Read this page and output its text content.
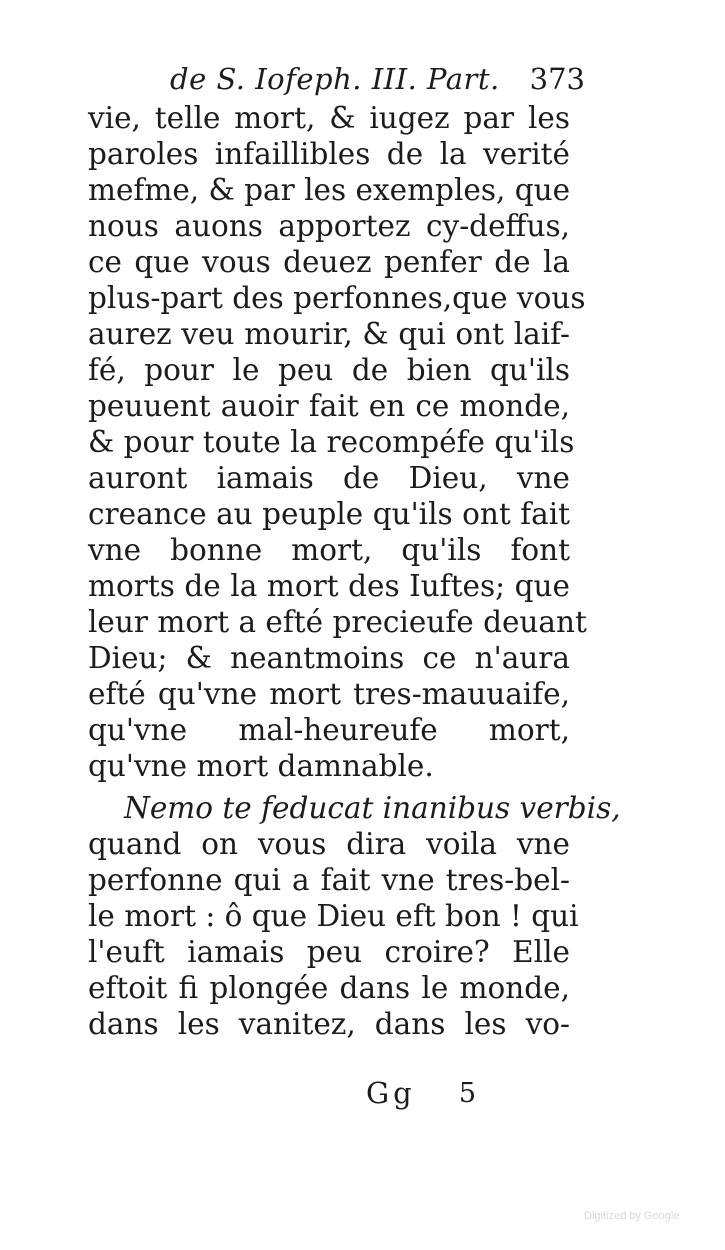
de S. Iofeph. III. Part. 373
vie, telle mort, & iugez par les
paroles infaillibles de la verité
mefme, & par les exemples, que
nous auons apportez cy-deffus,
ce que vous deuez penfer de la
plus-part des perfonnes,que vous
aurez veu mourir, & qui ont laif-
fé, pour le peu de bien qu'ils
peuuent auoir fait en ce monde,
& pour toute la recompéfe qu'ils
auront iamais de Dieu, vne
creance au peuple qu'ils ont fait
vne bonne mort, qu'ils font
morts de la mort des Iuftes; que
leur mort a efté precieufe deuant
Dieu; & neantmoins ce n'aura
efté qu'vne mort tres-mauuaife,
qu'vne mal-heureufe mort,
qu'vne mort damnable.
Nemo te feducat inanibus verbis,
quand on vous dira voila vne
perfonne qui a fait vne tres-bel-
le mort : ô que Dieu eft bon ! qui
l'euft iamais peu croire? Elle
eftoit fi plongée dans le monde,
dans les vanitez, dans les vo-
Gg 5
Digitized by Google
